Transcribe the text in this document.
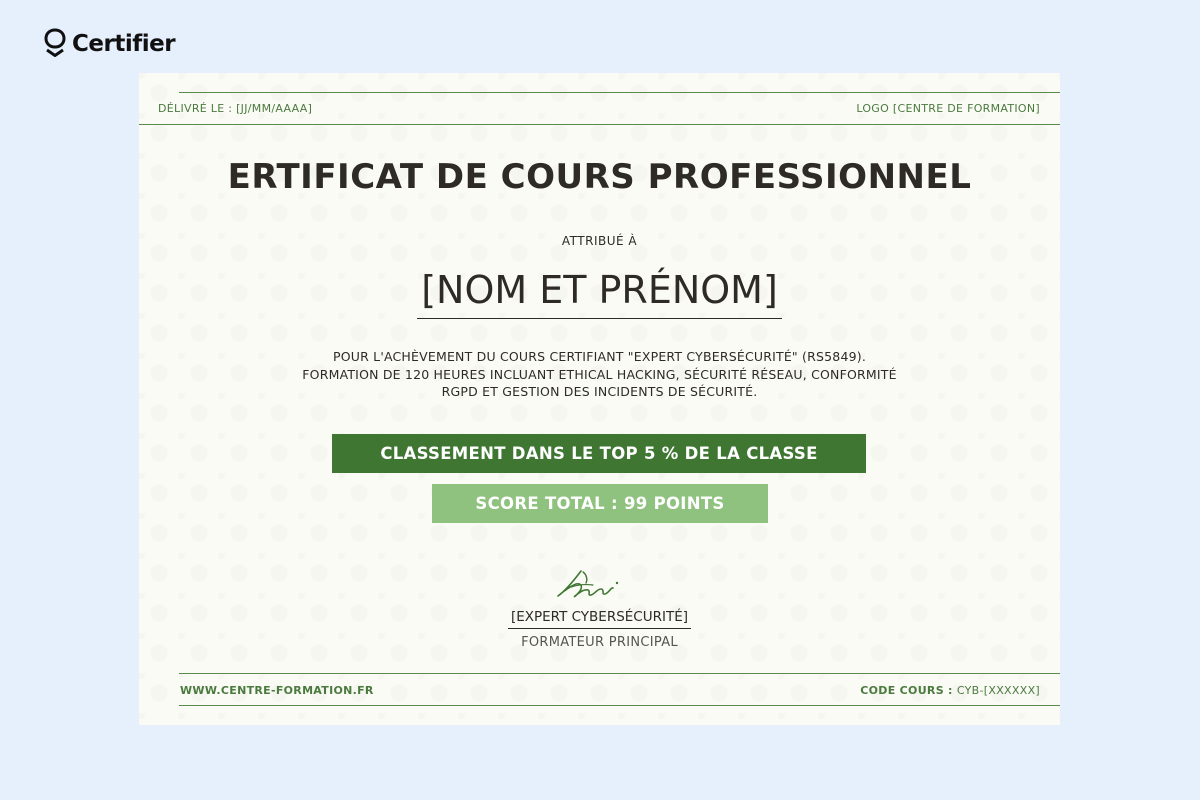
Certifier
DÉLIVRÉ LE : [JJ/MM/AAAA]	LOGO [CENTRE DE FORMATION]
ERTIFICAT DE COURS PROFESSIONNEL
ATTRIBUÉ À
[NOM ET PRÉNOM]
POUR L'ACHÈVEMENT DU COURS CERTIFIANT "EXPERT CYBERSÉCURITÉ" (RS5849).
FORMATION DE 120 HEURES INCLUANT ETHICAL HACKING, SÉCURITÉ RÉSEAU, CONFORMITÉ
RGPD ET GESTION DES INCIDENTS DE SÉCURITÉ.
CLASSEMENT DANS LE TOP 5 % DE LA CLASSE
SCORE TOTAL : 99 POINTS
[EXPERT CYBERSÉCURITÉ]
FORMATEUR PRINCIPAL
WWW.CENTRE-FORMATION.FR	CODE COURS : CYB-[XXXXXX]
